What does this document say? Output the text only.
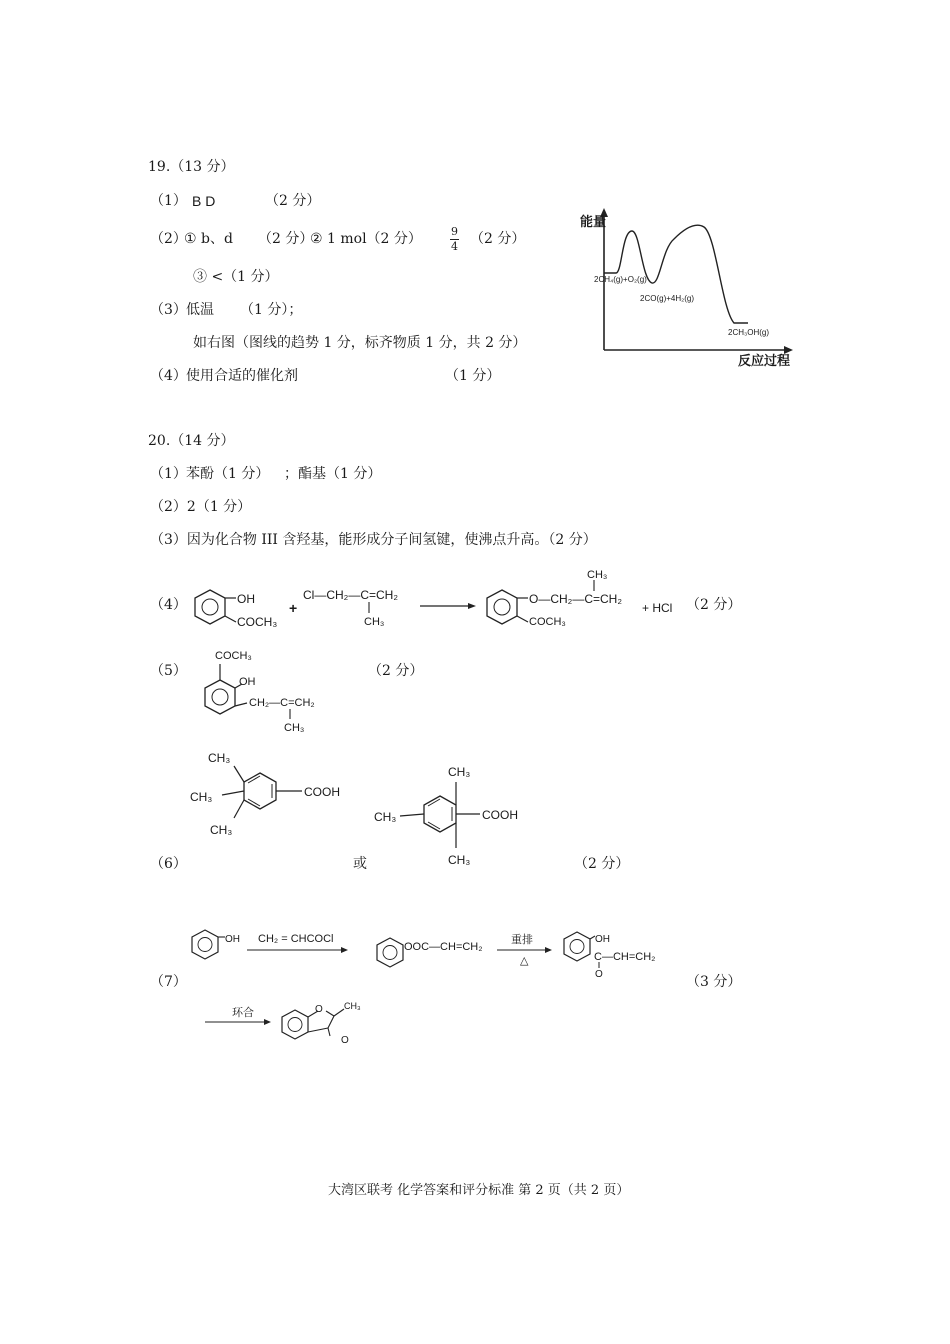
19.（13 分）
（1） B D	（2 分）
（2）
① b、d （2 分）
② 1 mol（2 分）	9
4 （2 分）
③ <（1 分）
（3） 低温 （1 分）；
如右图（图线的趋势 1 分，标齐物质 1 分，共 2 分）
（4） 使用合适的催化剂	（1 分）
能量
2CH₄(g)+O₂(g)
2CO(g)+4H₂(g)
2CH₃OH(g)
反应过程
20.（14 分）
（1） 苯酚（1 分） ；酯基（1 分）
（2）2（1 分）
（3）因为化合物 III 含羟基，能形成分子间氢键，使沸点升高。（2 分）
（4）	OH
COCH₃
+
Cl—CH₂—C=CH₂
CH₃
O—CH₂—C=CH₂
CH₃
COCH₃
+ HCl （2 分）
（5）
COCH₃
OH
CH₂—C=CH₂
CH₃
（2 分）
CH₃
CH₃
CH₃
COOH
CH₃
CH₃
CH₃
COOH
（6）	或	（2 分）
（7）
OH CH₂ = CHCOCl
OOC—CH=CH₂
重排
△
OH
C—CH=CH₂
O	（3 分）
环合	O CH₃
O
大湾区联考 化学答案和评分标准 第 2 页（共 2 页）
